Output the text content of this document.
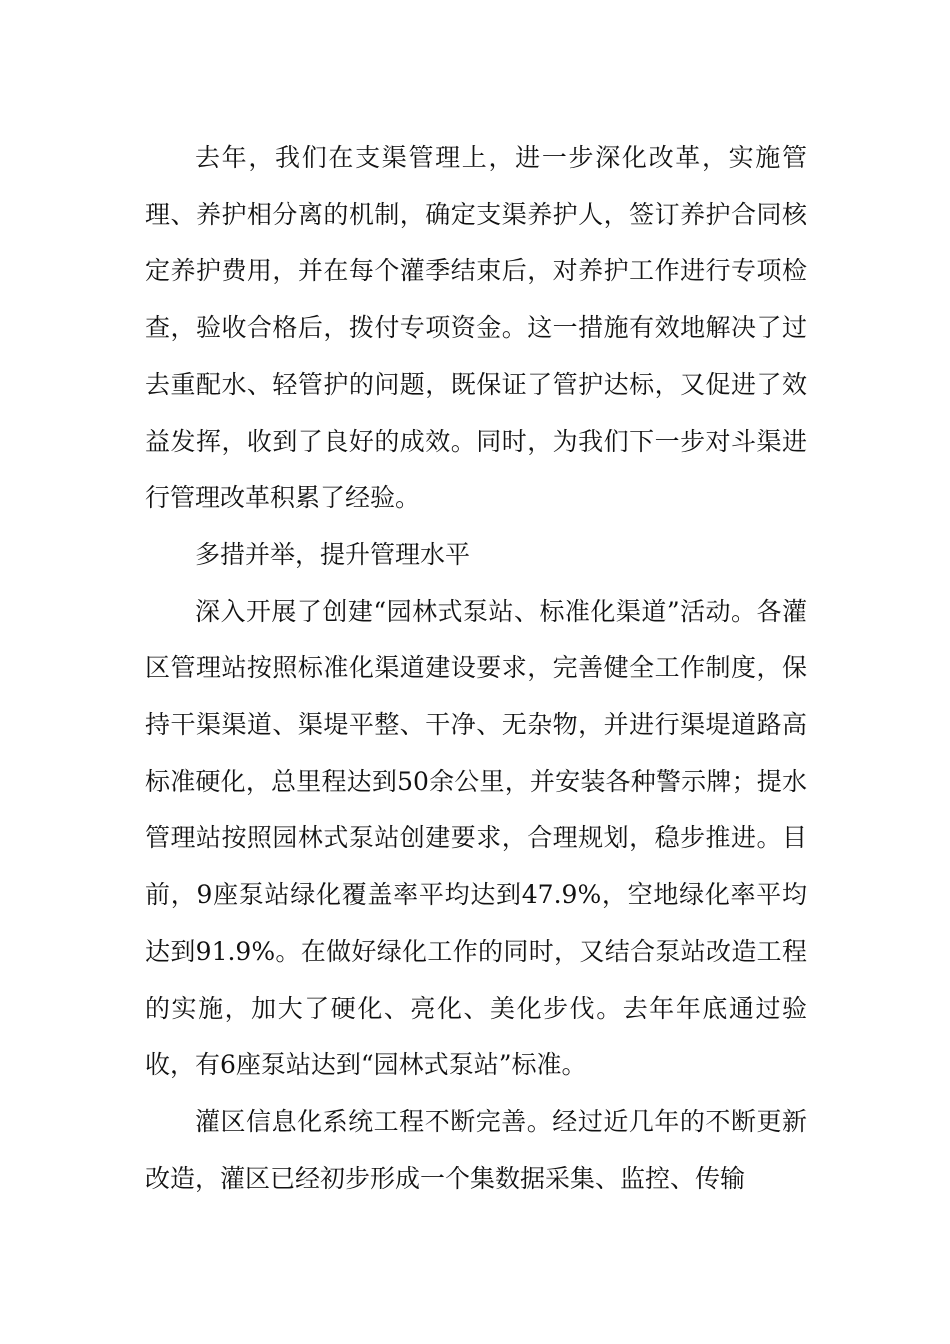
去年，我们在支渠管理上，进一步深化改革，实施管理、养护相分离的机制，确定支渠养护人，签订养护合同核定养护费用，并在每个灌季结束后，对养护工作进行专项检查，验收合格后，拨付专项资金。这一措施有效地解决了过去重配水、轻管护的问题，既保证了管护达标，又促进了效益发挥，收到了良好的成效。同时，为我们下一步对斗渠进行管理改革积累了经验。

多措并举，提升管理水平

深入开展了创建“园林式泵站、标准化渠道”活动。各灌区管理站按照标准化渠道建设要求，完善健全工作制度，保持干渠渠道、渠堤平整、干净、无杂物，并进行渠堤道路高标准硬化，总里程达到50余公里，并安装各种警示牌；提水管理站按照园林式泵站创建要求，合理规划，稳步推进。目前，9座泵站绿化覆盖率平均达到47.9%，空地绿化率平均达到91.9%。在做好绿化工作的同时，又结合泵站改造工程的实施，加大了硬化、亮化、美化步伐。去年年底通过验收，有6座泵站达到“园林式泵站”标准。

灌区信息化系统工程不断完善。经过近几年的不断更新改造，灌区已经初步形成一个集数据采集、监控、传输
